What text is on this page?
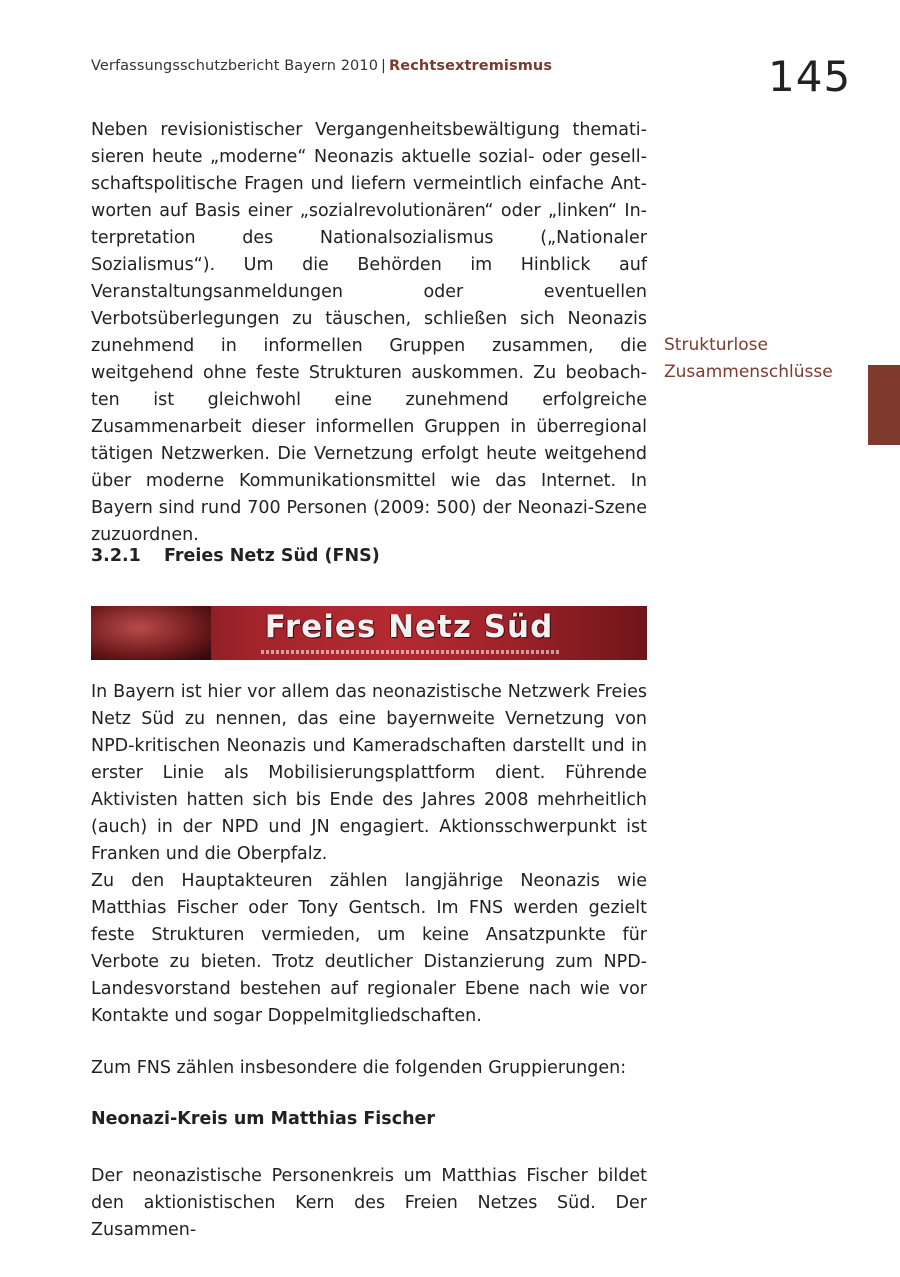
Verfassungsschutzbericht Bayern 2010 | Rechtsextremismus	145
Strukturlose
Zusammenschlüsse

Neben revisionistischer Vergangenheitsbewältigung thematisieren heute „moderne“ Neonazis aktuelle sozial- oder gesellschaftspolitische Fragen und liefern vermeintlich einfache Antworten auf Basis einer „sozialrevolutionären“ oder „linken“ Interpretation des Nationalsozialismus („Nationaler Sozialismus“). Um die Behörden im Hinblick auf Veranstaltungsanmeldungen oder eventuellen Verbotsüberlegungen zu täuschen, schließen sich Neonazis zunehmend in informellen Gruppen zusammen, die weitgehend ohne feste Strukturen auskommen. Zu beobachten ist gleichwohl eine zunehmend erfolgreiche Zusammenarbeit dieser informellen Gruppen in überregional tätigen Netzwerken. Die Vernetzung erfolgt heute weitgehend über moderne Kommunikationsmittel wie das Internet. In Bayern sind rund 700 Personen (2009: 500) der Neonazi-Szene zuzuordnen.

3.2.1 Freies Netz Süd (FNS)
Freies Netz Süd

In Bayern ist hier vor allem das neonazistische Netzwerk Freies Netz Süd zu nennen, das eine bayernweite Vernetzung von NPD-kritischen Neonazis und Kameradschaften darstellt und in erster Linie als Mobilisierungsplattform dient. Führende Aktivisten hatten sich bis Ende des Jahres 2008 mehrheitlich (auch) in der NPD und JN engagiert. Aktionsschwerpunkt ist Franken und die Oberpfalz.

Zu den Hauptakteuren zählen langjährige Neonazis wie Matthias Fischer oder Tony Gentsch. Im FNS werden gezielt feste Strukturen vermieden, um keine Ansatzpunkte für Verbote zu bieten. Trotz deutlicher Distanzierung zum NPD-Landesvorstand bestehen auf regionaler Ebene nach wie vor Kontakte und sogar Doppelmitgliedschaften.

Zum FNS zählen insbesondere die folgenden Gruppierungen:

Neonazi-Kreis um Matthias Fischer

Der neonazistische Personenkreis um Matthias Fischer bildet den aktionistischen Kern des Freien Netzes Süd. Der Zusammen-
